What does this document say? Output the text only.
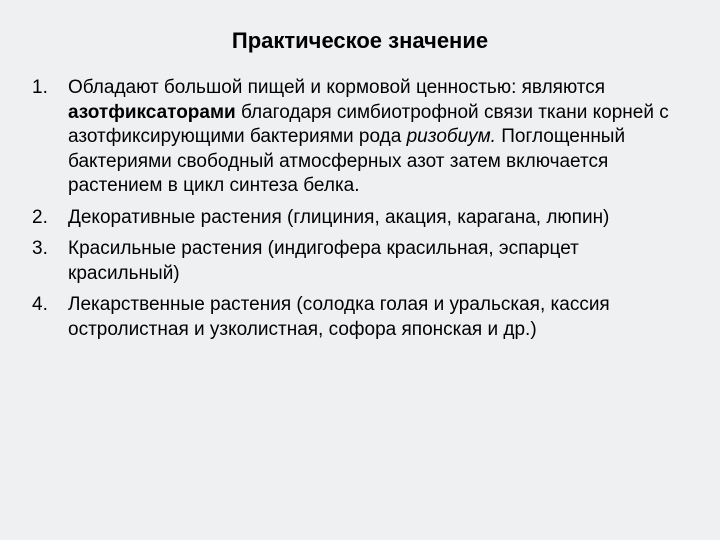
Практическое значение
1. Обладают большой пищей и кормовой ценностью: являются азотфиксаторами благодаря симбиотрофной связи ткани корней с азотфиксирующими бактериями рода ризобиум. Поглощенный бактериями свободный атмосферных азот затем включается растением в цикл синтеза белка.
2. Декоративные растения (глициния, акация, карагана, люпин)
3. Красильные растения (индигофера красильная, эспарцет красильный)
4. Лекарственные растения (солодка голая и уральская, кассия остролистная и узколистная, софора японская и др.)
